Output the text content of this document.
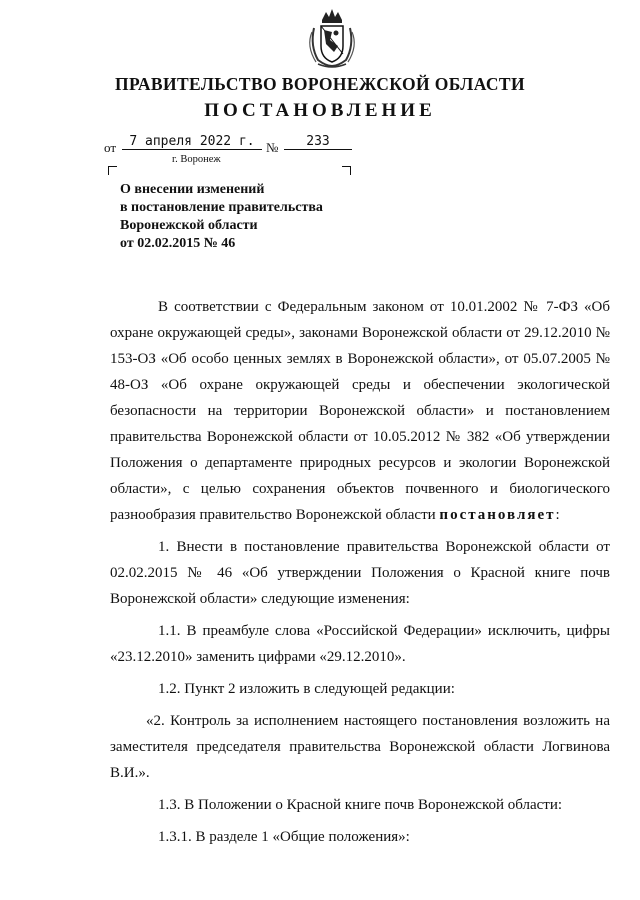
ПРАВИТЕЛЬСТВО ВОРОНЕЖСКОЙ ОБЛАСТИ
ПОСТАНОВЛЕНИЕ
от	7 апреля 2022 г. №	233
г. Воронеж
О внесении изменений
в постановление правительства
Воронежской области
от 02.02.2015 № 46

В соответствии с Федеральным законом от 10.01.2002 № 7-ФЗ «Об охране окружающей среды», законами Воронежской области от 29.12.2010 № 153-ОЗ «Об особо ценных землях в Воронежской области», от 05.07.2005 № 48-ОЗ «Об охране окружающей среды и обеспечении экологической безопасности на территории Воронежской области» и постановлением правительства Воронежской области от 10.05.2012 № 382 «Об утверждении Положения о департаменте природных ресурсов и экологии Воронежской области», с целью сохранения объектов почвенного и биологического разнообразия правительство Воронежской области постановляет:

1. Внести в постановление правительства Воронежской области от 02.02.2015 № 46 «Об утверждении Положения о Красной книге почв Воронежской области» следующие изменения:

1.1. В преамбуле слова «Российской Федерации» исключить, цифры «23.12.2010» заменить цифрами «29.12.2010».

1.2. Пункт 2 изложить в следующей редакции:

«2. Контроль за исполнением настоящего постановления возложить на заместителя председателя правительства Воронежской области Логвинова В.И.».

1.3. В Положении о Красной книге почв Воронежской области:

1.3.1. В разделе 1 «Общие положения»:
